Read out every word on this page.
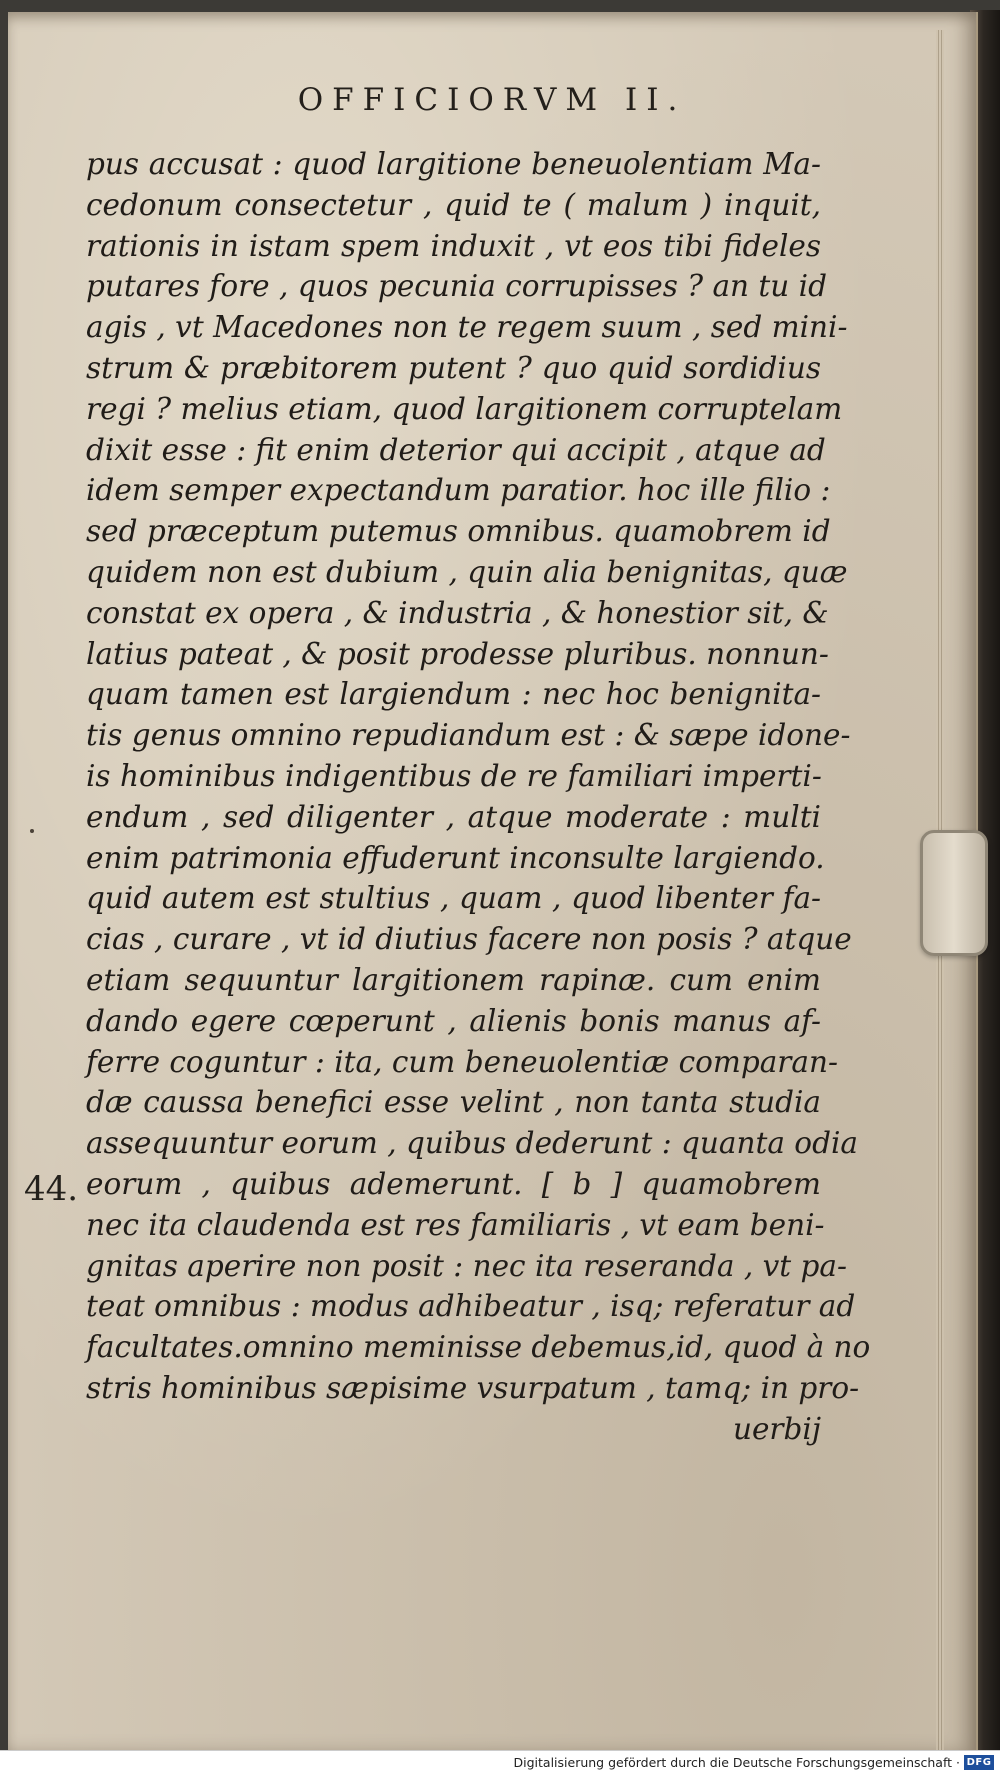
OFFICIORVM II.
pus accusat : quod largitione beneuolentiam Ma-
cedonum consectetur , quid te ( malum ) inquit,
rationis in istam spem induxit , vt eos tibi fideles
putares fore , quos pecunia corrupisses ? an tu id
agis , vt Macedones non te regem suum , sed mini-
strum & præbitorem putent ? quo quid sordidius
regi ? melius etiam, quod largitionem corruptelam
dixit esse : fit enim deterior qui accipit , atque ad
idem semper expectandum paratior. hoc ille filio :
sed præceptum putemus omnibus. quamobrem id
quidem non est dubium , quin alia benignitas, quæ
constat ex opera , & industria , & honestior sit, &
latius pateat , & posit prodesse pluribus. nonnun-
quam tamen est largiendum : nec hoc benignita-
tis genus omnino repudiandum est : & sæpe idone-
is hominibus indigentibus de re familiari imperti-
endum , sed diligenter , atque moderate : multi
enim patrimonia effuderunt inconsulte largiendo.
quid autem est stultius , quam , quod libenter fa-
cias , curare , vt id diutius facere non posis ? atque
etiam sequuntur largitionem rapinæ. cum enim
dando egere cœperunt , alienis bonis manus af-
ferre coguntur : ita, cum beneuolentiæ comparan-
dæ caussa benefici esse velint , non tanta studia
assequuntur eorum , quibus dederunt : quanta odia
eorum , quibus ademerunt. [ b ] quamobrem
nec ita claudenda est res familiaris , vt eam beni-
gnitas aperire non posit : nec ita reseranda , vt pa-
teat omnibus : modus adhibeatur , isq; referatur ad
facultates.omnino meminisse debemus,id, quod à no
stris hominibus sæpisime vsurpatum , tamq; in pro-
uerbij
44.
Digitalisierung gefördert durch die Deutsche Forschungsgemeinschaft · DFG
